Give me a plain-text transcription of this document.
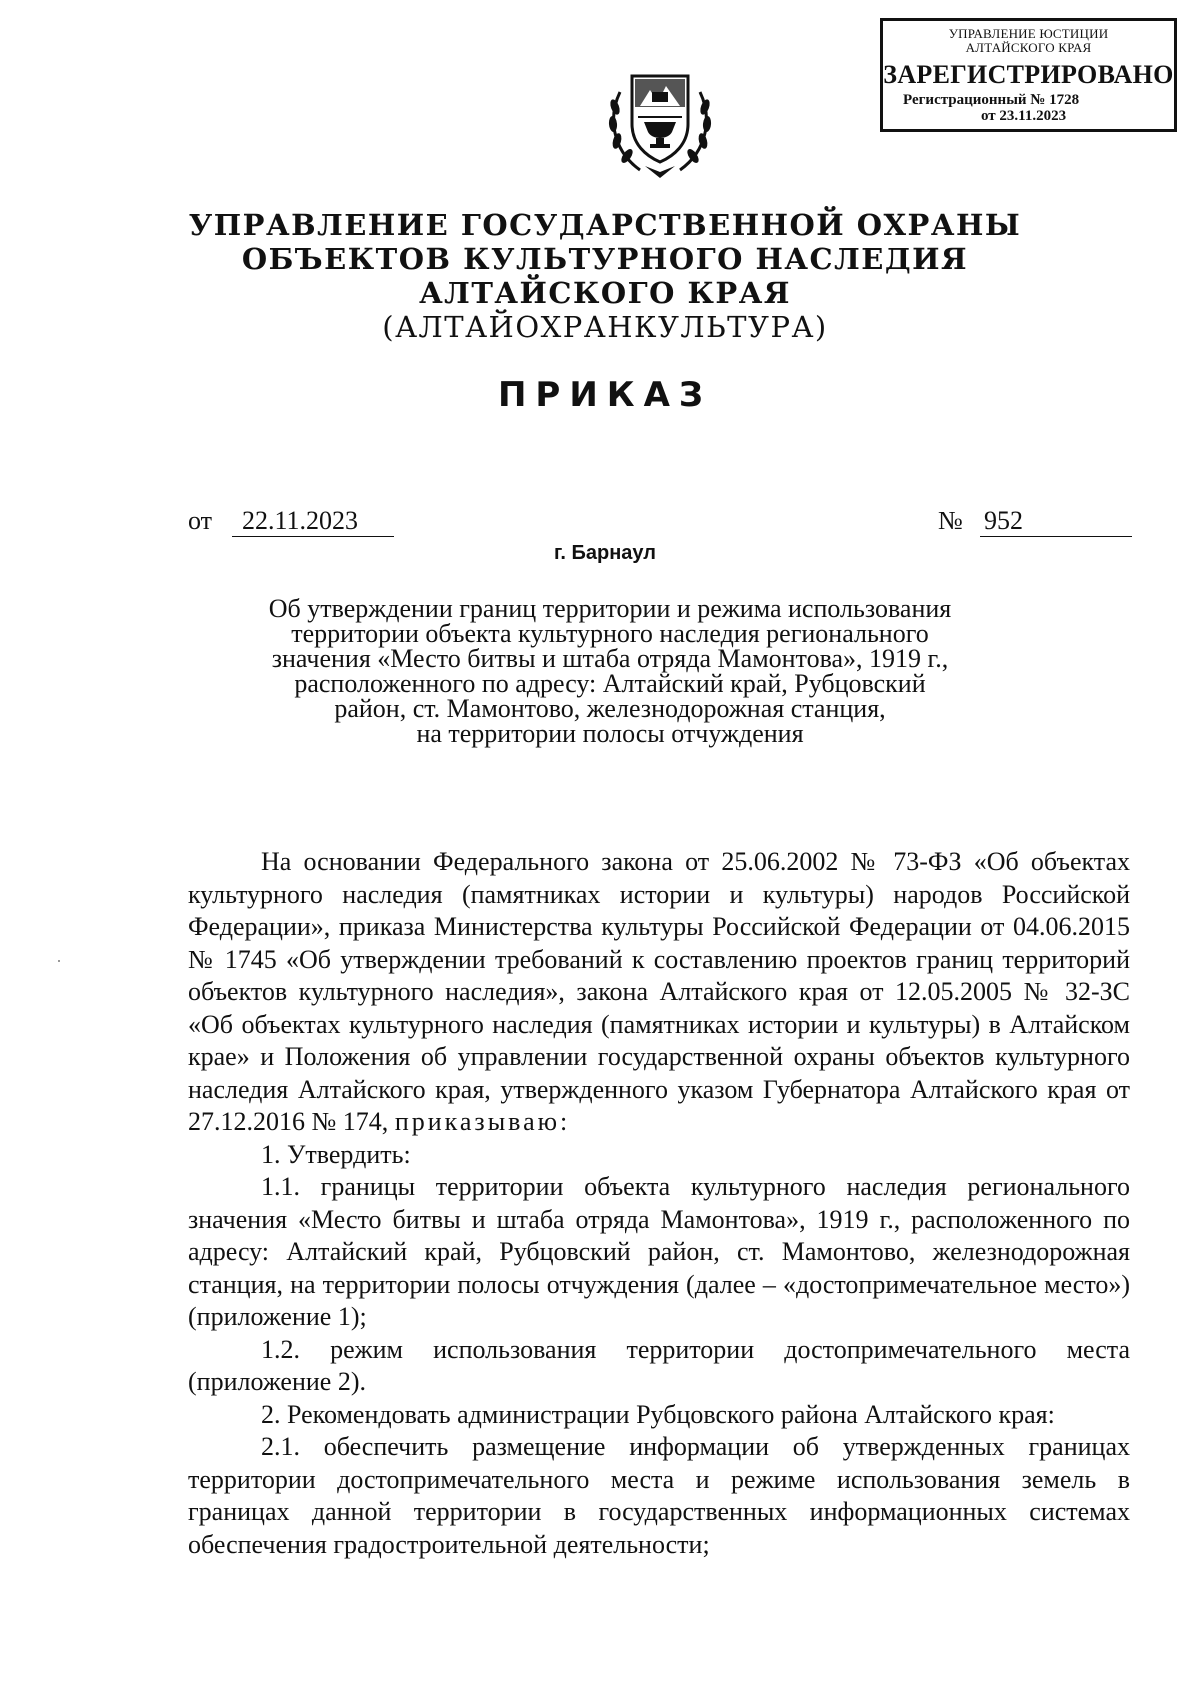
УПРАВЛЕНИЕ ЮСТИЦИИ
АЛТАЙСКОГО КРАЯ
ЗАРЕГИСТРИРОВАНО
Регистрационный № 1728
от 23.11.2023
УПРАВЛЕНИЕ ГОСУДАРСТВЕННОЙ ОХРАНЫ
ОБЪЕКТОВ КУЛЬТУРНОГО НАСЛЕДИЯ
АЛТАЙСКОГО КРАЯ
(АЛТАЙОХРАНКУЛЬТУРА)
ПРИКАЗ
от	22.11.2023	№ 952
г. Барнаул
Об утверждении границ территории и режима использования
территории объекта культурного наследия регионального
значения «Место битвы и штаба отряда Мамонтова», 1919 г.,
расположенного по адресу: Алтайский край, Рубцовский
район, ст. Мамонтово, железнодорожная станция,
на территории полосы отчуждения

На основании Федерального закона от 25.06.2002 № 73-ФЗ «Об объектах культурного наследия (памятниках истории и культуры) народов Российской Федерации», приказа Министерства культуры Российской Федерации от 04.06.2015 № 1745 «Об утверждении требований к составлению проектов границ территорий объектов культурного наследия», закона Алтайского края от 12.05.2005 № 32-ЗС «Об объектах культурного наследия (памятниках истории и культуры) в Алтайском крае» и Положения об управлении государственной охраны объектов культурного наследия Алтайского края, утвержденного указом Губернатора Алтайского края от 27.12.2016 № 174, приказываю:

1. Утвердить:

1.1. границы территории объекта культурного наследия регионального значения «Место битвы и штаба отряда Мамонтова», 1919 г., расположенного по адресу: Алтайский край, Рубцовский район, ст. Мамонтово, железнодорожная станция, на территории полосы отчуждения (далее – «достопримечательное место») (приложение 1);

1.2. режим использования территории достопримечательного места (приложение 2).

2. Рекомендовать администрации Рубцовского района Алтайского края:

2.1. обеспечить размещение информации об утвержденных границах территории достопримечательного места и режиме использования земель в границах данной территории в государственных информационных системах обеспечения градостроительной деятельности;
